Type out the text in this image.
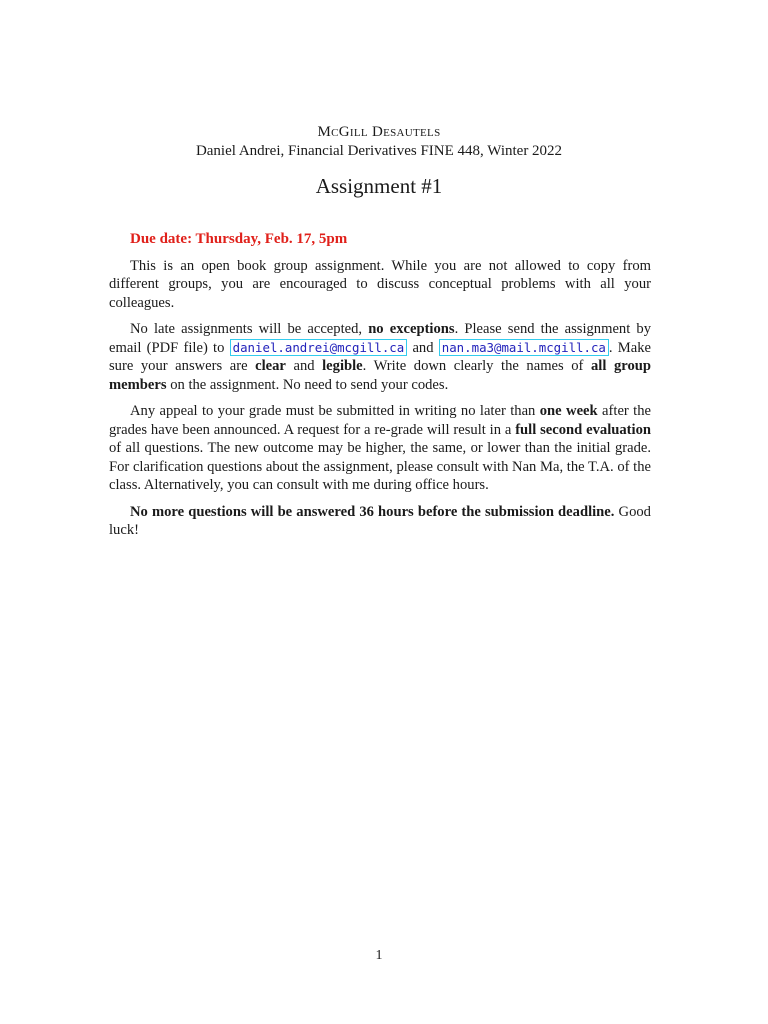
McGill Desautels
Daniel Andrei, Financial Derivatives FINE 448, Winter 2022
Assignment #1

Due date: Thursday, Feb. 17, 5pm

This is an open book group assignment. While you are not allowed to copy from different groups, you are encouraged to discuss conceptual problems with all your colleagues.

No late assignments will be accepted, no exceptions. Please send the assignment by email (PDF file) to daniel.andrei@mcgill.ca and nan.ma3@mail.mcgill.ca . Make sure your answers are clear and legible. Write down clearly the names of all group members on the assignment. No need to send your codes.

Any appeal to your grade must be submitted in writing no later than one week after the grades have been announced. A request for a re-grade will result in a full second evaluation of all questions. The new outcome may be higher, the same, or lower than the initial grade. For clarification questions about the assignment, please consult with Nan Ma, the T.A. of the class. Alternatively, you can consult with me during office hours.

No more questions will be answered 36 hours before the submission deadline. Good luck!

1
